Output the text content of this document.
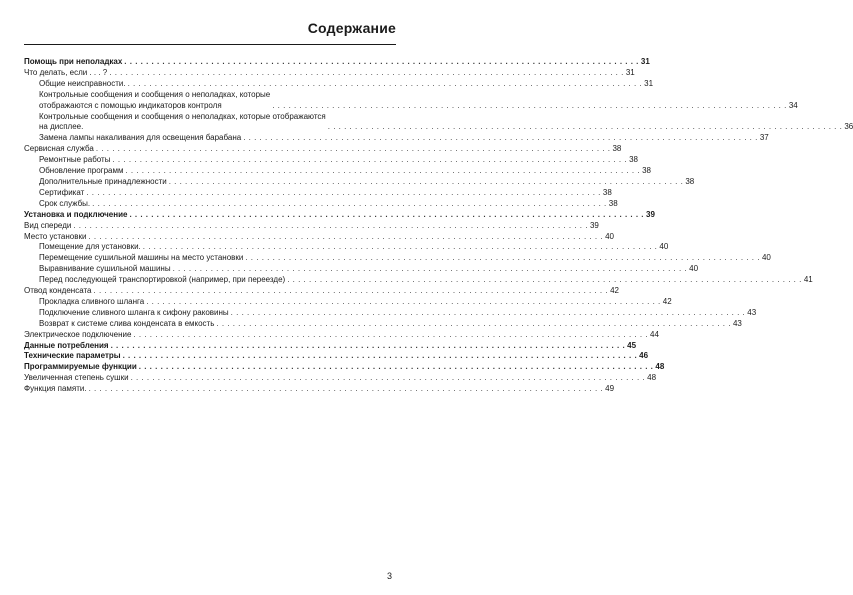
Содержание
Помощь при неполадках . . . . . . . . . . . . . . . . . . . . . . . . . . . . . . . . . . . . . . . . . . . . . . . . . . . . . . . . . . . . . . . . . . . . . . . . . . . . . . . . . . . . . . . . . . . . . . . 31
Что делать, если . . . ? . . . . . . . . . . . . . . . . . . . . . . . . . . . . . . . . . . . . . . . . . . . . . . . . . . . . . . . . . . . . . . . . . . . . . . . . . . . . . . . . . . . . . . . . . . . . . . . 31
Общие неисправности. . . . . . . . . . . . . . . . . . . . . . . . . . . . . . . . . . . . . . . . . . . . . . . . . . . . . . . . . . . . . . . . . . . . . . . . . . . . . . . . . . . . . . . . . . . . . . . . 31
Контрольные сообщения и сообщения о неполадках, которые
отображаются с помощью индикаторов контроля	. . . . . . . . . . . . . . . . . . . . . . . . . . . . . . . . . . . . . . . . . . . . . . . . . . . . . . . . . . . . . . . . . . . . . . . . . . . . . . . . . . . . . . . . . . . . . . . 34
Контрольные сообщения и сообщения о неполадках, которые отображаются
на дисплее.	. . . . . . . . . . . . . . . . . . . . . . . . . . . . . . . . . . . . . . . . . . . . . . . . . . . . . . . . . . . . . . . . . . . . . . . . . . . . . . . . . . . . . . . . . . . . . . . 36
Замена лампы накаливания для освещения барабана . . . . . . . . . . . . . . . . . . . . . . . . . . . . . . . . . . . . . . . . . . . . . . . . . . . . . . . . . . . . . . . . . . . . . . . . . . . . . . . . . . . . . . . . . . . . . . . 37
Сервисная служба . . . . . . . . . . . . . . . . . . . . . . . . . . . . . . . . . . . . . . . . . . . . . . . . . . . . . . . . . . . . . . . . . . . . . . . . . . . . . . . . . . . . . . . . . . . . . . . 38
Ремонтные работы . . . . . . . . . . . . . . . . . . . . . . . . . . . . . . . . . . . . . . . . . . . . . . . . . . . . . . . . . . . . . . . . . . . . . . . . . . . . . . . . . . . . . . . . . . . . . . . 38
Обновление программ . . . . . . . . . . . . . . . . . . . . . . . . . . . . . . . . . . . . . . . . . . . . . . . . . . . . . . . . . . . . . . . . . . . . . . . . . . . . . . . . . . . . . . . . . . . . . . . 38
Дополнительные принадлежности . . . . . . . . . . . . . . . . . . . . . . . . . . . . . . . . . . . . . . . . . . . . . . . . . . . . . . . . . . . . . . . . . . . . . . . . . . . . . . . . . . . . . . . . . . . . . . . 38
Сертификат . . . . . . . . . . . . . . . . . . . . . . . . . . . . . . . . . . . . . . . . . . . . . . . . . . . . . . . . . . . . . . . . . . . . . . . . . . . . . . . . . . . . . . . . . . . . . . . 38
Срок службы. . . . . . . . . . . . . . . . . . . . . . . . . . . . . . . . . . . . . . . . . . . . . . . . . . . . . . . . . . . . . . . . . . . . . . . . . . . . . . . . . . . . . . . . . . . . . . . . 38
Установка и подключение . . . . . . . . . . . . . . . . . . . . . . . . . . . . . . . . . . . . . . . . . . . . . . . . . . . . . . . . . . . . . . . . . . . . . . . . . . . . . . . . . . . . . . . . . . . . . . . 39
Вид спереди . . . . . . . . . . . . . . . . . . . . . . . . . . . . . . . . . . . . . . . . . . . . . . . . . . . . . . . . . . . . . . . . . . . . . . . . . . . . . . . . . . . . . . . . . . . . . . . 39
Место установки . . . . . . . . . . . . . . . . . . . . . . . . . . . . . . . . . . . . . . . . . . . . . . . . . . . . . . . . . . . . . . . . . . . . . . . . . . . . . . . . . . . . . . . . . . . . . . . 40
Помещение для установки. . . . . . . . . . . . . . . . . . . . . . . . . . . . . . . . . . . . . . . . . . . . . . . . . . . . . . . . . . . . . . . . . . . . . . . . . . . . . . . . . . . . . . . . . . . . . . . . 40
Перемещение сушильной машины на место установки . . . . . . . . . . . . . . . . . . . . . . . . . . . . . . . . . . . . . . . . . . . . . . . . . . . . . . . . . . . . . . . . . . . . . . . . . . . . . . . . . . . . . . . . . . . . . . . 40
Выравнивание сушильной машины . . . . . . . . . . . . . . . . . . . . . . . . . . . . . . . . . . . . . . . . . . . . . . . . . . . . . . . . . . . . . . . . . . . . . . . . . . . . . . . . . . . . . . . . . . . . . . . 40
Перед последующей транспортировкой (например, при переезде) . . . . . . . . . . . . . . . . . . . . . . . . . . . . . . . . . . . . . . . . . . . . . . . . . . . . . . . . . . . . . . . . . . . . . . . . . . . . . . . . . . . . . . . . . . . . . . . 41
Отвод конденсата . . . . . . . . . . . . . . . . . . . . . . . . . . . . . . . . . . . . . . . . . . . . . . . . . . . . . . . . . . . . . . . . . . . . . . . . . . . . . . . . . . . . . . . . . . . . . . . 42
Прокладка сливного шланга . . . . . . . . . . . . . . . . . . . . . . . . . . . . . . . . . . . . . . . . . . . . . . . . . . . . . . . . . . . . . . . . . . . . . . . . . . . . . . . . . . . . . . . . . . . . . . . 42
Подключение сливного шланга к сифону раковины . . . . . . . . . . . . . . . . . . . . . . . . . . . . . . . . . . . . . . . . . . . . . . . . . . . . . . . . . . . . . . . . . . . . . . . . . . . . . . . . . . . . . . . . . . . . . . . 43
Возврат к системе слива конденсата в емкость . . . . . . . . . . . . . . . . . . . . . . . . . . . . . . . . . . . . . . . . . . . . . . . . . . . . . . . . . . . . . . . . . . . . . . . . . . . . . . . . . . . . . . . . . . . . . . . 43
Электрическое подключение . . . . . . . . . . . . . . . . . . . . . . . . . . . . . . . . . . . . . . . . . . . . . . . . . . . . . . . . . . . . . . . . . . . . . . . . . . . . . . . . . . . . . . . . . . . . . . . 44
Данные потребления . . . . . . . . . . . . . . . . . . . . . . . . . . . . . . . . . . . . . . . . . . . . . . . . . . . . . . . . . . . . . . . . . . . . . . . . . . . . . . . . . . . . . . . . . . . . . . . 45
Технические параметры . . . . . . . . . . . . . . . . . . . . . . . . . . . . . . . . . . . . . . . . . . . . . . . . . . . . . . . . . . . . . . . . . . . . . . . . . . . . . . . . . . . . . . . . . . . . . . . 46
Программируемые функции . . . . . . . . . . . . . . . . . . . . . . . . . . . . . . . . . . . . . . . . . . . . . . . . . . . . . . . . . . . . . . . . . . . . . . . . . . . . . . . . . . . . . . . . . . . . . . . 48
Увеличенная степень сушки . . . . . . . . . . . . . . . . . . . . . . . . . . . . . . . . . . . . . . . . . . . . . . . . . . . . . . . . . . . . . . . . . . . . . . . . . . . . . . . . . . . . . . . . . . . . . . . 48
Функция памяти. . . . . . . . . . . . . . . . . . . . . . . . . . . . . . . . . . . . . . . . . . . . . . . . . . . . . . . . . . . . . . . . . . . . . . . . . . . . . . . . . . . . . . . . . . . . . . . . 49
3
